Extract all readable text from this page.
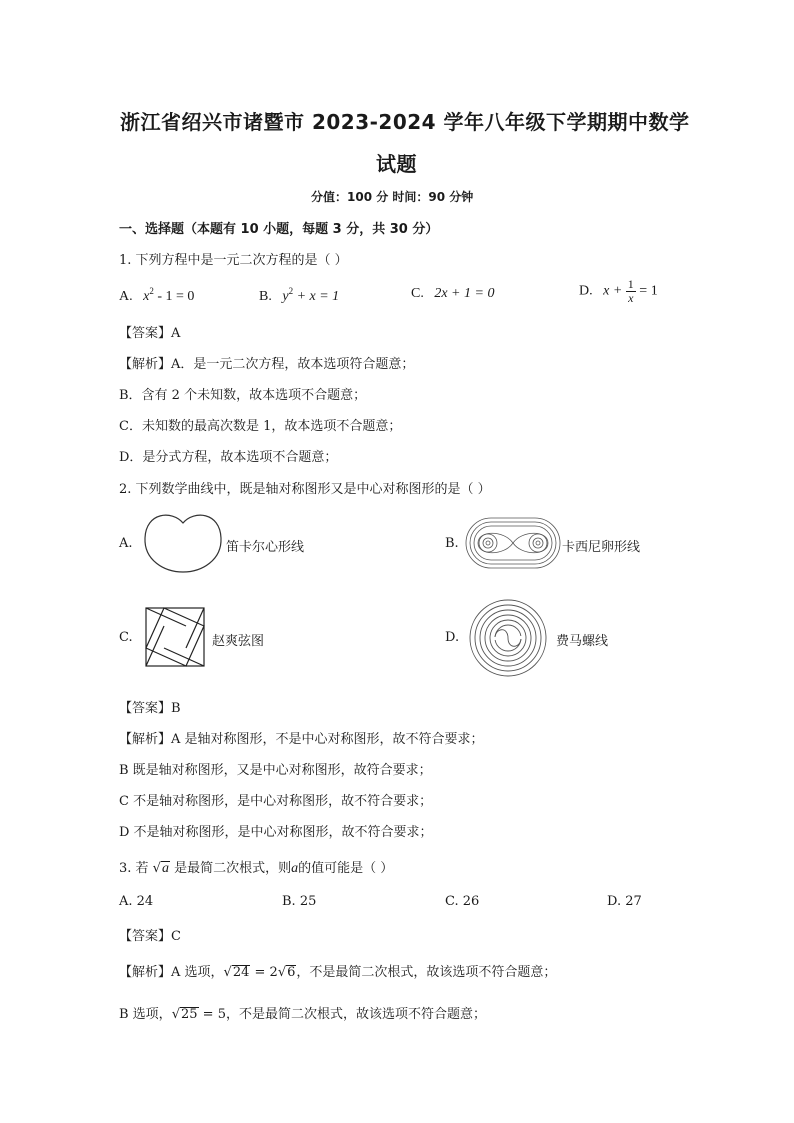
浙江省绍兴市诸暨市 2023-2024 学年八年级下学期期中数学
试题
分值：100 分 时间：90 分钟
一、选择题（本题有 10 小题，每题 3 分，共 30 分）
1. 下列方程中是一元二次方程的是（ ）
A. $x^2 - 1 = 0$	B. $y^2 + x = 1$	C. 2x + 1 = 0	D. $x + \frac{1}{x} = 1$
【答案】A
【解析】A．是一元二次方程，故本选项符合题意；
B．含有 2 个未知数，故本选项不合题意；
C．未知数的最高次数是 1，故本选项不合题意；
D．是分式方程，故本选项不合题意；
2. 下列数学曲线中，既是轴对称图形又是中心对称图形的是（ ）
A.	笛卡尔心形线	B.	卡西尼卵形线
C.	赵爽弦图	D.	费马螺线
【答案】B
【解析】A 是轴对称图形，不是中心对称图形，故不符合要求；
B 既是轴对称图形，又是中心对称图形，故符合要求；
C 不是轴对称图形，是中心对称图形，故不符合要求；
D 不是轴对称图形，是中心对称图形，故不符合要求；
3. 若 √a 是最简二次根式，则a的值可能是（ ）
A. 24	B. 25	C. 26	D. 27
【答案】C
【解析】A 选项，√24 = 2√6，不是最简二次根式，故该选项不符合题意；
B 选项，√25 = 5，不是最简二次根式，故该选项不符合题意；
